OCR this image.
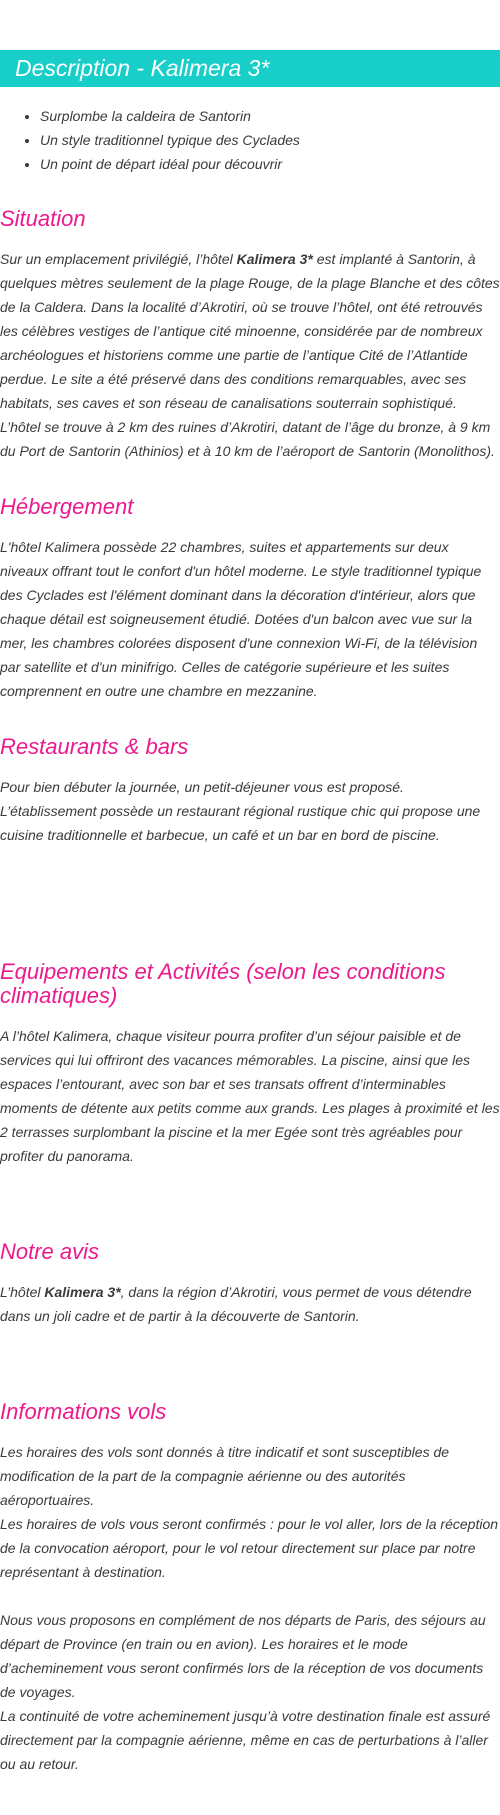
Description - Kalimera 3*
• Surplombe la caldeira de Santorin
• Un style traditionnel typique des Cyclades
• Un point de départ idéal pour découvrir
Situation

Sur un emplacement privilégié, l’hôtel Kalimera 3* est implanté à Santorin, à quelques mètres seulement de la plage Rouge, de la plage Blanche et des côtes de la Caldera. Dans la localité d’Akrotiri, où se trouve l’hôtel, ont été retrouvés les célèbres vestiges de l’antique cité minoenne, considérée par de nombreux archéologues et historiens comme une partie de l’antique Cité de l’Atlantide perdue. Le site a été préservé dans des conditions remarquables, avec ses habitats, ses caves et son réseau de canalisations souterrain sophistiqué. L’hôtel se trouve à 2 km des ruines d’Akrotiri, datant de l’âge du bronze, à 9 km du Port de Santorin (Athinios) et à 10 km de l’aéroport de Santorin (Monolithos).

Hébergement

L'hôtel Kalimera possède 22 chambres, suites et appartements sur deux niveaux offrant tout le confort d'un hôtel moderne. Le style traditionnel typique des Cyclades est l'élément dominant dans la décoration d'intérieur, alors que chaque détail est soigneusement étudié. Dotées d'un balcon avec vue sur la mer, les chambres colorées disposent d'une connexion Wi-Fi, de la télévision par satellite et d'un minifrigo. Celles de catégorie supérieure et les suites comprennent en outre une chambre en mezzanine.

Restaurants & bars

Pour bien débuter la journée, un petit-déjeuner vous est proposé.

L’établissement possède un restaurant régional rustique chic qui propose une cuisine traditionnelle et barbecue, un café et un bar en bord de piscine.

Equipements et Activités (selon les conditions climatiques)

A l’hôtel Kalimera, chaque visiteur pourra profiter d’un séjour paisible et de services qui lui offriront des vacances mémorables. La piscine, ainsi que les espaces l’entourant, avec son bar et ses transats offrent d’interminables moments de détente aux petits comme aux grands. Les plages à proximité et les 2 terrasses surplombant la piscine et la mer Egée sont très agréables pour profiter du panorama.

Notre avis

L’hôtel Kalimera 3*, dans la région d’Akrotiri, vous permet de vous détendre dans un joli cadre et de partir à la découverte de Santorin.

Informations vols

Les horaires des vols sont donnés à titre indicatif et sont susceptibles de modification de la part de la compagnie aérienne ou des autorités aéroportuaires.

Les horaires de vols vous seront confirmés : pour le vol aller, lors de la réception de la convocation aéroport, pour le vol retour directement sur place par notre représentant à destination.

Nous vous proposons en complément de nos départs de Paris, des séjours au départ de Province (en train ou en avion). Les horaires et le mode d’acheminement vous seront confirmés lors de la réception de vos documents de voyages.

La continuité de votre acheminement jusqu’à votre destination finale est assuré directement par la compagnie aérienne, même en cas de perturbations à l’aller ou au retour.
